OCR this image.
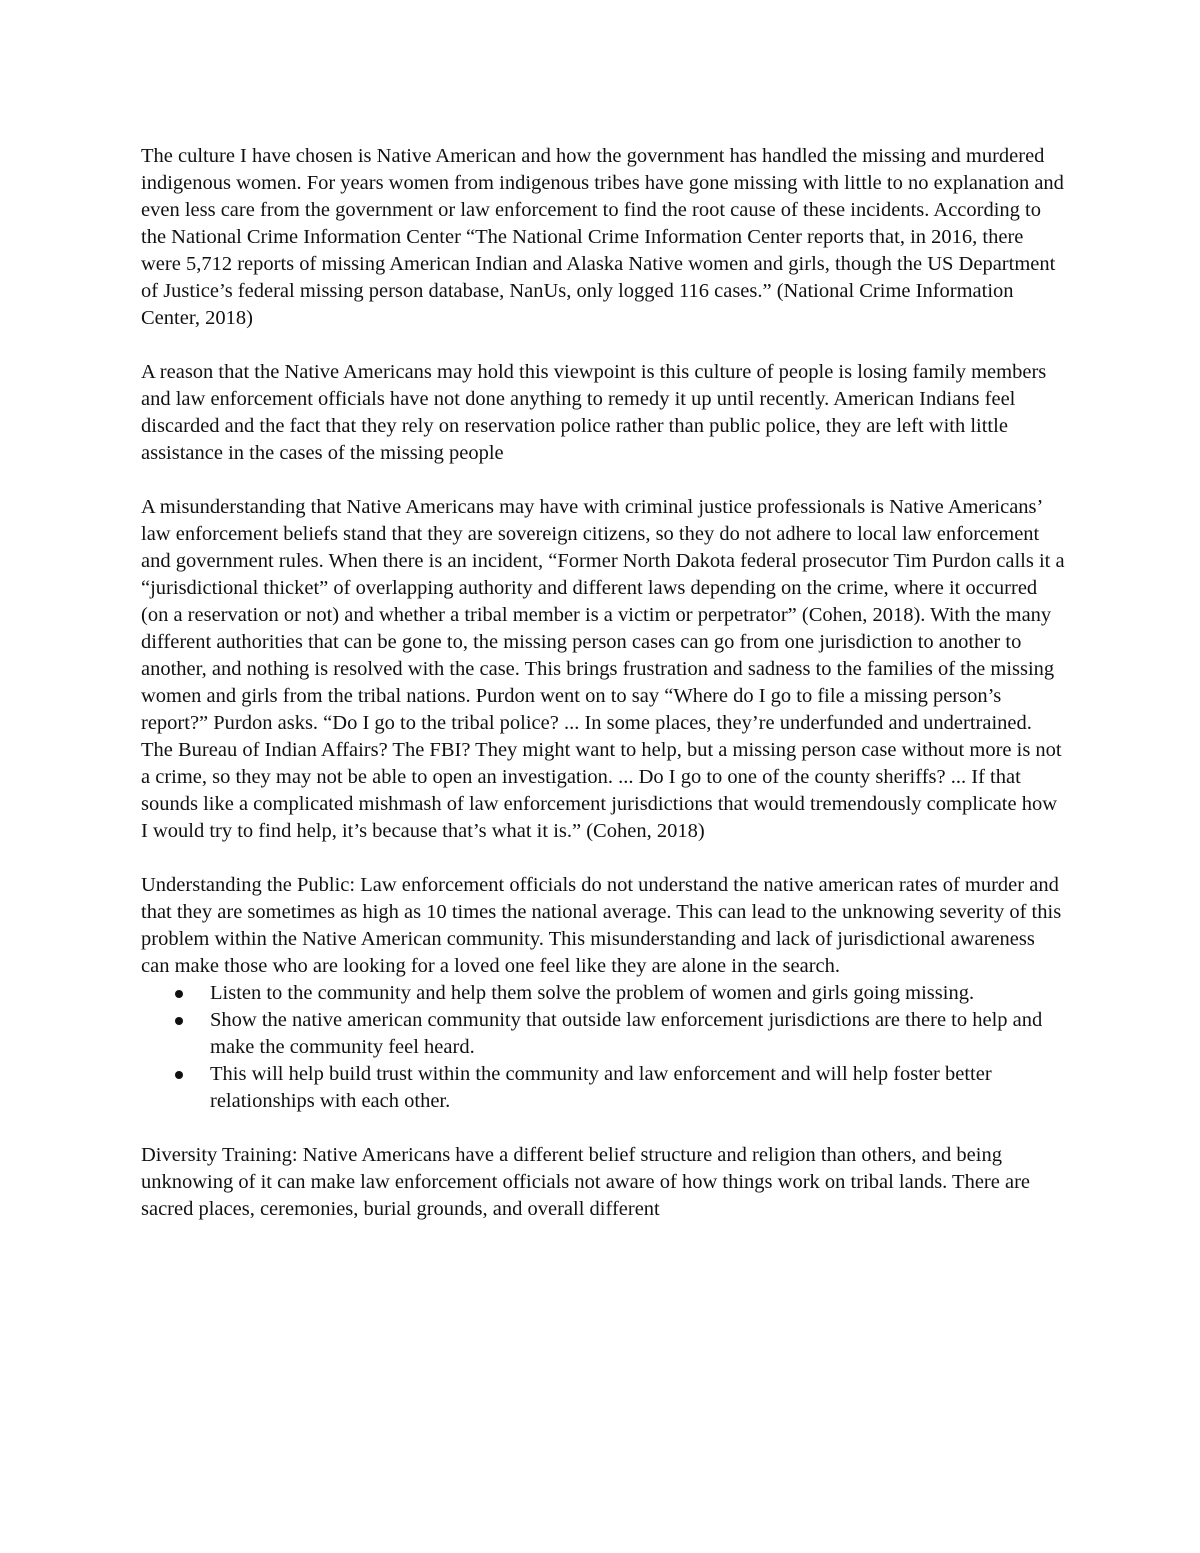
The culture I have chosen is Native American and how the government has handled the missing and murdered indigenous women. For years women from indigenous tribes have gone missing with little to no explanation and even less care from the government or law enforcement to find the root cause of these incidents. According to the National Crime Information Center “The National Crime Information Center reports that, in 2016, there were 5,712 reports of missing American Indian and Alaska Native women and girls, though the US Department of Justice’s federal missing person database, NanUs, only logged 116 cases.” (National Crime Information Center, 2018)

A reason that the Native Americans may hold this viewpoint is this culture of people is losing family members and law enforcement officials have not done anything to remedy it up until recently. American Indians feel discarded and the fact that they rely on reservation police rather than public police, they are left with little assistance in the cases of the missing people

A misunderstanding that Native Americans may have with criminal justice professionals is Native Americans’ law enforcement beliefs stand that they are sovereign citizens, so they do not adhere to local law enforcement and government rules. When there is an incident, “Former North Dakota federal prosecutor Tim Purdon calls it a “jurisdictional thicket” of overlapping authority and different laws depending on the crime, where it occurred (on a reservation or not) and whether a tribal member is a victim or perpetrator” (Cohen, 2018). With the many different authorities that can be gone to, the missing person cases can go from one jurisdiction to another to another, and nothing is resolved with the case. This brings frustration and sadness to the families of the missing women and girls from the tribal nations. Purdon went on to say “Where do I go to file a missing person’s report?” Purdon asks. “Do I go to the tribal police? ... In some places, they’re underfunded and undertrained. The Bureau of Indian Affairs? The FBI? They might want to help, but a missing person case without more is not a crime, so they may not be able to open an investigation. ... Do I go to one of the county sheriffs? ... If that sounds like a complicated mishmash of law enforcement jurisdictions that would tremendously complicate how I would try to find help, it’s because that’s what it is.” (Cohen, 2018)

Understanding the Public: Law enforcement officials do not understand the native american rates of murder and that they are sometimes as high as 10 times the national average. This can lead to the unknowing severity of this problem within the Native American community. This misunderstanding and lack of jurisdictional awareness can make those who are looking for a loved one feel like they are alone in the search.

Listen to the community and help them solve the problem of women and girls going missing.
Show the native american community that outside law enforcement jurisdictions are there to help and make the community feel heard.
This will help build trust within the community and law enforcement and will help foster better relationships with each other.

Diversity Training: Native Americans have a different belief structure and religion than others, and being unknowing of it can make law enforcement officials not aware of how things work on tribal lands. There are sacred places, ceremonies, burial grounds, and overall different
